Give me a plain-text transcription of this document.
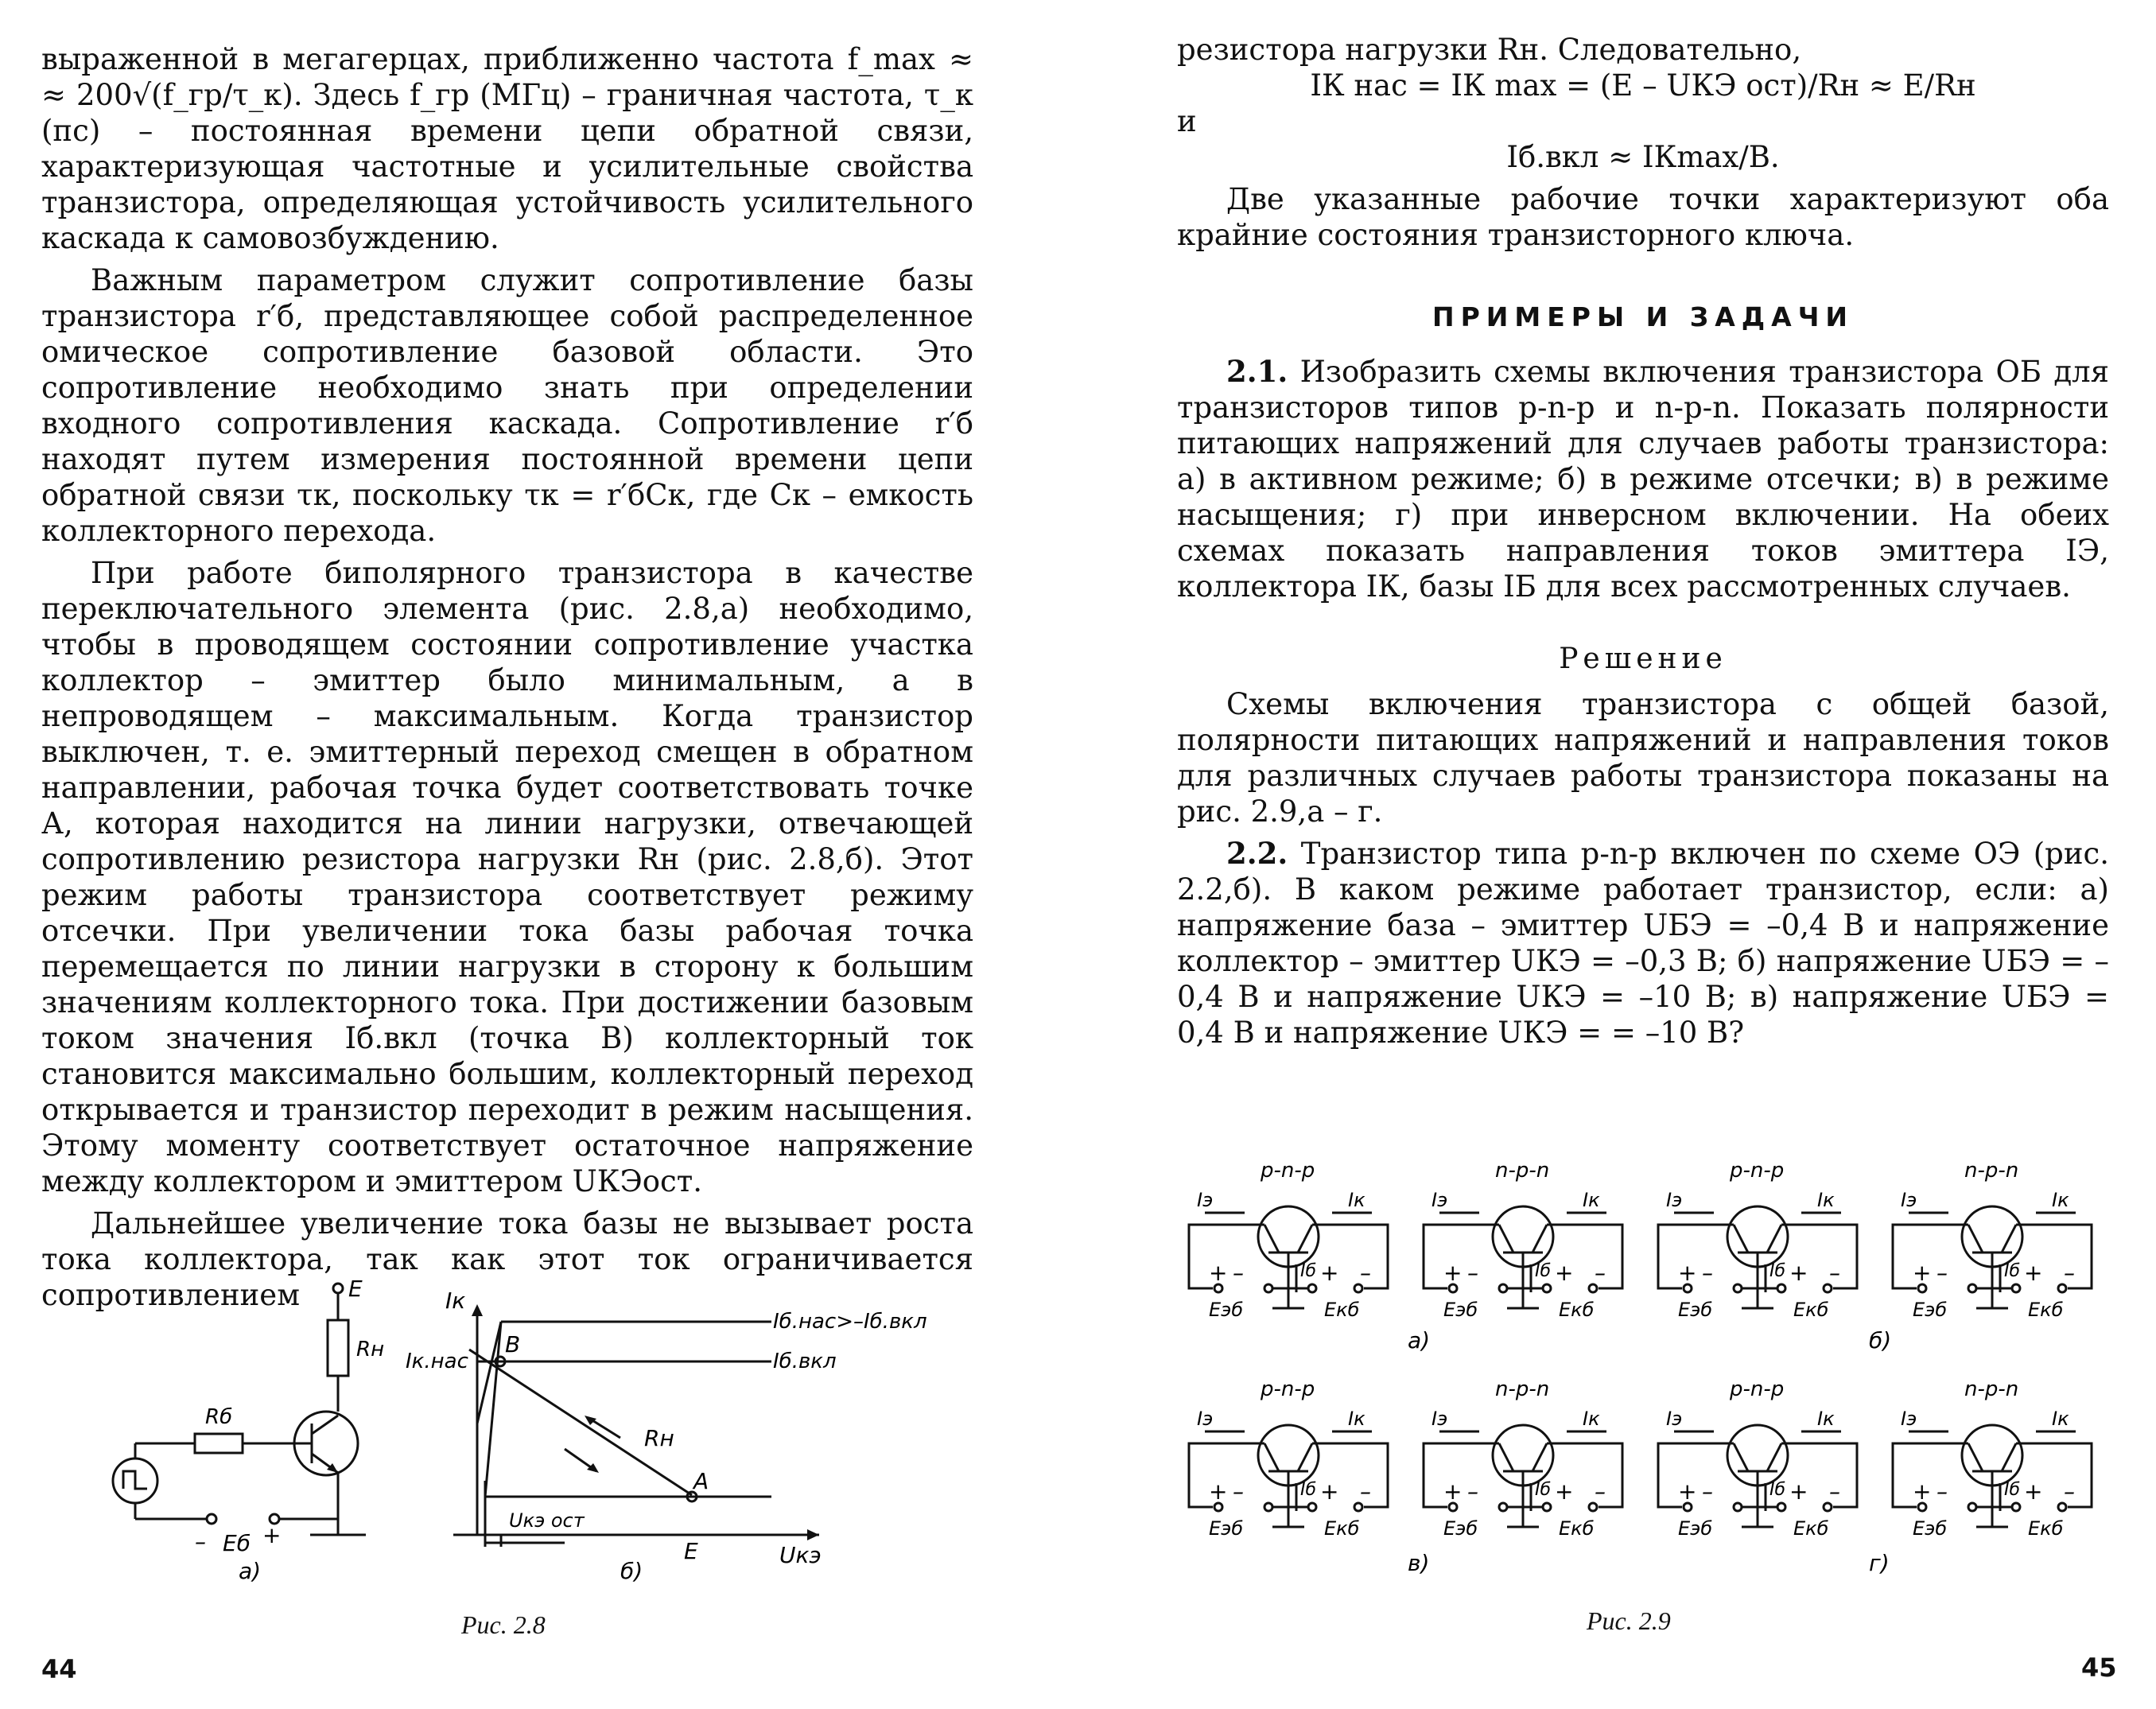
выраженной в мегагерцах, приближенно частота f_max ≈ ≈ 200√(f_гр/τ_к). Здесь f_гр (МГц) – граничная частота, τ_к (пс) – постоянная времени цепи обратной связи, характеризующая частотные и усилительные свойства транзистора, определяющая устойчивость усилительного каскада к самовозбуждению.

Важным параметром служит сопротивление базы транзистора r′б, представляющее собой распределенное омическое сопротивление базовой области. Это сопротивление необходимо знать при определении входного сопротивления каскада. Сопротивление r′б находят путем измерения постоянной времени цепи обратной связи τк, поскольку τк = r′бCк, где Cк – емкость коллекторного перехода.

При работе биполярного транзистора в качестве переключательного элемента (рис. 2.8,а) необходимо, чтобы в проводящем состоянии сопротивление участка коллектор – эмиттер было минимальным, а в непроводящем – максимальным. Когда транзистор выключен, т. е. эмиттерный переход смещен в обратном направлении, рабочая точка будет соответствовать точке А, которая находится на линии нагрузки, отвечающей сопротивлению резистора нагрузки Rн (рис. 2.8,б). Этот режим работы транзистора соответствует режиму отсечки. При увеличении тока базы рабочая точка перемещается по линии нагрузки в сторону к большим значениям коллекторного тока. При достижении базовым током значения Iб.вкл (точка В) коллекторный ток становится максимально большим, коллекторный переход открывается и транзистор переходит в режим насыщения. Этому моменту соответствует остаточное напряжение между коллектором и эмиттером UКЭост.

Дальнейшее увеличение тока базы не вызывает роста тока коллектора, так как этот ток ограничивается сопротивлением	E
Rн
Rб
– Eб +
а)
Iк
Iк.нас
B
Iб.нас>–Iб.вкл
Iб.вкл
Rн
A
Uкэ ост
E	Uкэ
б)
Рис. 2.8
44

резистора нагрузки Rн. Следовательно,

IК нас = IК max = (E – UКЭ ост)/Rн ≈ E/Rн

и

Iб.вкл ≈ IКmax/B.

Две указанные рабочие точки характеризуют оба крайние состояния транзисторного ключа.

ПРИМЕРЫ И ЗАДАЧИ

2.1. Изобразить схемы включения транзистора ОБ для транзисторов типов p-n-p и n-p-n. Показать полярности питающих напряжений для случаев работы транзистора: а) в активном режиме; б) в режиме отсечки; в) в режиме насыщения; г) при инверсном включении. На обеих схемах показать направления токов эмиттера IЭ, коллектора IК, базы IБ для всех рассмотренных случаев.

Решение

Схемы включения транзистора с общей базой, полярности питающих напряжений и направления токов для различных случаев работы транзистора показаны на рис. 2.9,а – г.

2.2. Транзистор типа p-n-p включен по схеме ОЭ (рис. 2.2,б). В каком режиме работает транзистор, если: а) напряжение база – эмиттер UБЭ = –0,4 В и напряжение коллектор – эмиттер UКЭ = –0,3 В; б) напряжение UБЭ = –0,4 В и напряжение UКЭ = –10 В; в) напряжение UБЭ = 0,4 В и напряжение UКЭ = = –10 В?

p-n-p
Iэ	Iк
Iб
+ –	+ –
Eэб	Eкб
n-p-n
Iэ	Iк
Iб
+ –	+ –
Eэб	Eкб
p-n-p
Iэ	Iк
Iб
+ –	+ –
Eэб	Eкб
n-p-n
Iэ	Iк
Iб
+ –	+ –
Eэб	Eкб
p-n-p
Iэ	Iк
Iб
+ –	+ –
Eэб	Eкб
n-p-n
Iэ	Iк
Iб
+ –	+ –
Eэб	Eкб
p-n-p
Iэ	Iк
Iб
+ –	+ –
Eэб	Eкб
n-p-n
Iэ	Iк
Iб
+ –	+ –
Eэб	Eкб
а)	б)
в)	г)
Рис. 2.9
45
